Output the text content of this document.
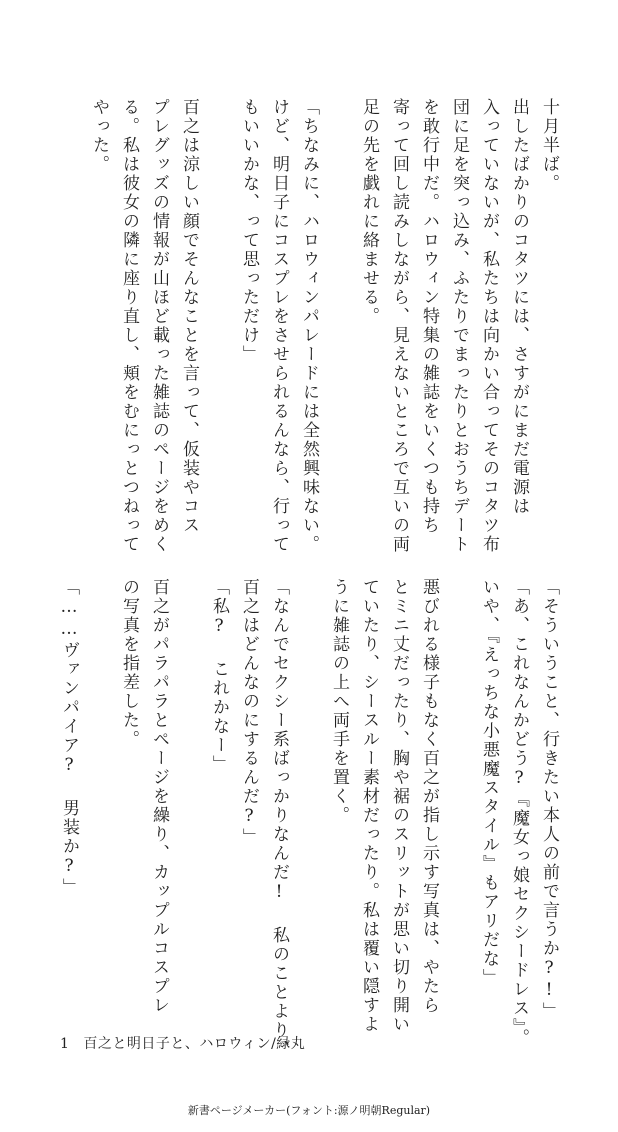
十月半ば。

出したばかりのコタツには、さすがにまだ電源は

入っていないが、私たちは向かい合ってそのコタツ布

団に足を突っ込み、ふたりでまったりとおうちデート

を敢行中だ。ハロウィン特集の雑誌をいくつも持ち

寄って回し読みしながら、見えないところで互いの両

足の先を戯れに絡ませる。

「ちなみに、ハロウィンパレードには全然興味ない。

けど、明日子にコスプレをさせられるんなら、行って

もいいかな、って思っただけ」

百之は涼しい顔でそんなことを言って、仮装やコス

プレグッズの情報が山ほど載った雑誌のページをめく

る。私は彼女の隣に座り直し、頬をむにっとつねって

やった。

「そういうこと、行きたい本人の前で言うか?!」

「あ、これなんかどう?『魔女っ娘セクシードレス』。

いや、『えっちな小悪魔スタイル』もアリだな」

悪びれる様子もなく百之が指し示す写真は、やたら

とミニ丈だったり、胸や裾のスリットが思い切り開い

ていたり、シースルー素材だったり。私は覆い隠すよ

うに雑誌の上へ両手を置く。

「なんでセクシー系ばっかりなんだ! 私のことより、

百之はどんなのにするんだ?」

「私? これかなー」

百之がパラパラとページを繰り、カップルコスプレ

の写真を指差した。

「……ヴァンパイア? 男装か?」

1 百之と明日子と、ハロウィン/緑丸
新書ページメーカー(フォント:源ノ明朝Regular)
